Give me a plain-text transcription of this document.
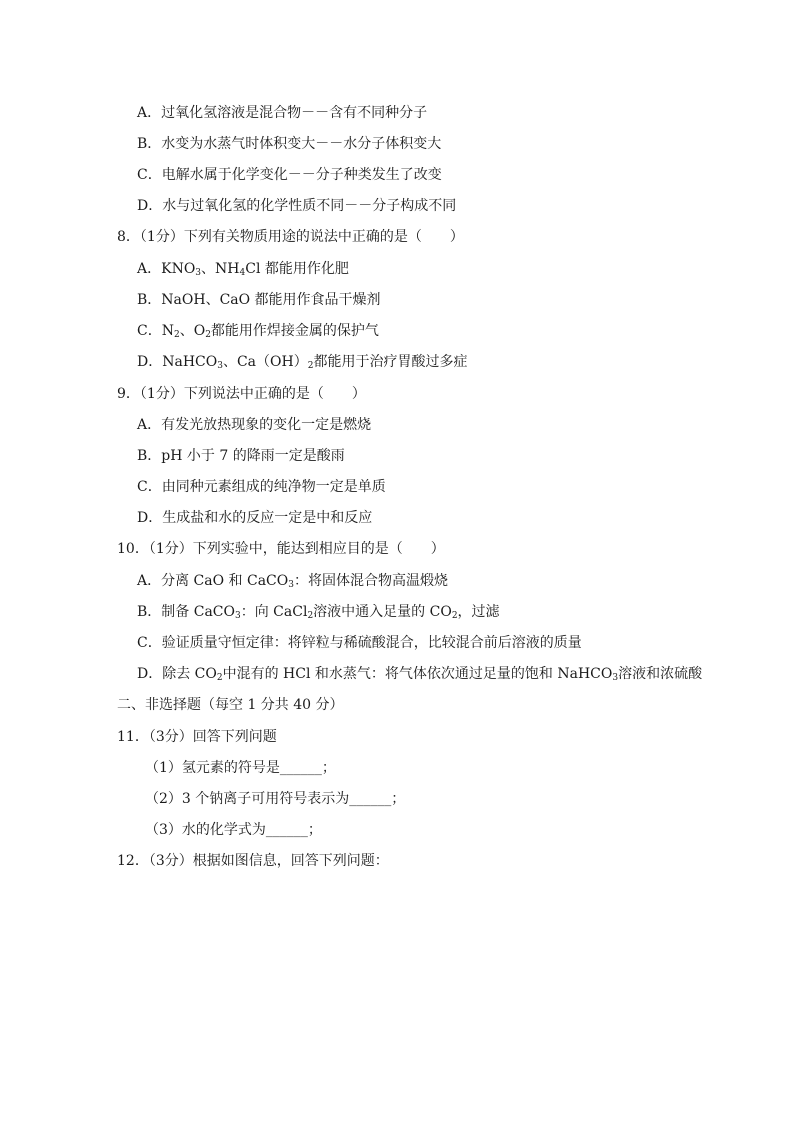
A．过氧化氢溶液是混合物－－含有不同种分子
B．水变为水蒸气时体积变大－－水分子体积变大
C．电解水属于化学变化－－分子种类发生了改变
D．水与过氧化氢的化学性质不同－－分子构成不同
8．（1分）下列有关物质用途的说法中正确的是（　　）
A．$KNO_3$、$NH_4Cl$ 都能用作化肥
B．NaOH、CaO 都能用作食品干燥剂
C．$N_2$、$O_2$都能用作焊接金属的保护气
D．NaHCO$_3$、$Ca(OH)_2$都能用于治疗胃酸过多症
9．（1分）下列说法中正确的是（　　）
A．有发光放热现象的变化一定是燃烧
B．pH 小于 7 的降雨一定是酸雨
C．由同种元素组成的纯净物一定是单质
D．生成盐和水的反应一定是中和反应
10．（1分）下列实验中，能达到相应目的是（　　）
A．分离 CaO 和 CaCO$_3$：将固体混合物高温煅烧
B．制备 CaCO$_3$：向 CaCl$_2$溶液中通入足量的 $CO_2$，过滤
C．验证质量守恒定律：将锌粒与稀硫酸混合，比较混合前后溶液的质量
D．除去 $CO_2$中混有的 HCl 和水蒸气：将气体依次通过足量的饱和 NaHCO$_3$溶液和浓硫酸
二、非选择题（每空 1 分共 40 分）
11．（3分）回答下列问题
（1）氢元素的符号是______；
（2）3 个钠离子可用符号表示为______；
（3）水的化学式为______；
12．（3分）根据如图信息，回答下列问题：
